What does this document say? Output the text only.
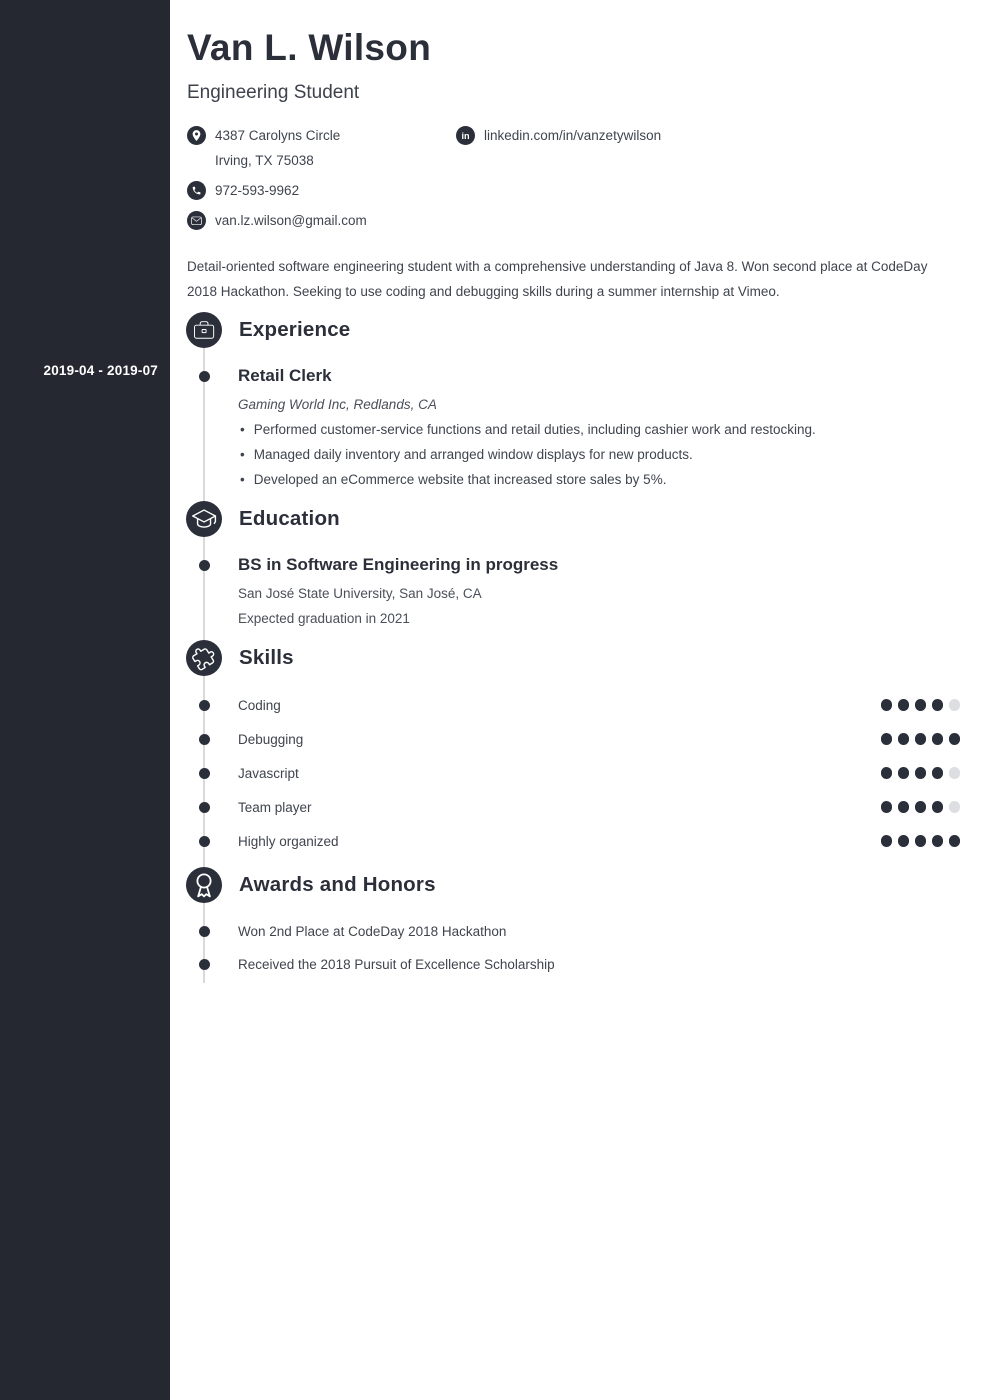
2019-04 - 2019-07
Van L. Wilson
Engineering Student
4387 Carolyns Circle
Irving, TX 75038
972-593-9962
van.lz.wilson@gmail.com
in linkedin.com/in/vanzetywilson

Detail-oriented software engineering student with a comprehensive understanding of Java 8. Won second place at CodeDay 2018 Hackathon. Seeking to use coding and debugging skills during a summer internship at Vimeo.

Experience
Retail Clerk
Gaming World Inc, Redlands, CA
• Performed customer-service functions and retail duties, including cashier work and restocking.
• Managed daily inventory and arranged window displays for new products.
• Developed an eCommerce website that increased store sales by 5%.
Education
BS in Software Engineering in progress
San José State University, San José, CA
Expected graduation in 2021
Skills
Coding
Debugging
Javascript
Team player
Highly organized
Awards and Honors
Won 2nd Place at CodeDay 2018 Hackathon
Received the 2018 Pursuit of Excellence Scholarship
